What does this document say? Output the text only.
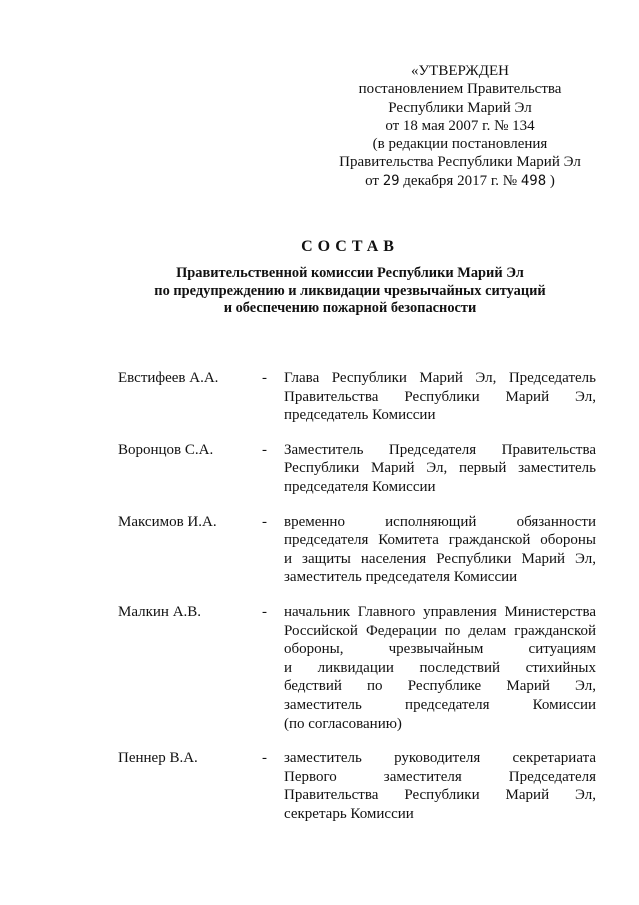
«УТВЕРЖДЕН
постановлением Правительства
Республики Марий Эл
от 18 мая 2007 г. № 134
(в редакции постановления
Правительства Республики Марий Эл
от 29 декабря 2017 г. № 498 )
СОСТАВ
Правительственной комиссии Республики Марий Эл
по предупреждению и ликвидации чрезвычайных ситуаций
и обеспечению пожарной безопасности
Евстифеев А.А.	- Глава Республики Марий Эл, Председатель
Правительства Республики Марий Эл,
председатель Комиссии
Воронцов С.А.	- Заместитель Председателя Правительства
Республики Марий Эл, первый заместитель
председателя Комиссии
Максимов И.А.	- временно исполняющий обязанности
председателя Комитета гражданской обороны
и защиты населения Республики Марий Эл,
заместитель председателя Комиссии
Малкин А.В.	- начальник Главного управления Министерства
Российской Федерации по делам гражданской
обороны, чрезвычайным ситуациям
и ликвидации последствий стихийных
бедствий по Республике Марий Эл,
заместитель председателя Комиссии
(по согласованию)
Пеннер В.А.	- заместитель руководителя секретариата
Первого заместителя Председателя
Правительства Республики Марий Эл,
секретарь Комиссии
